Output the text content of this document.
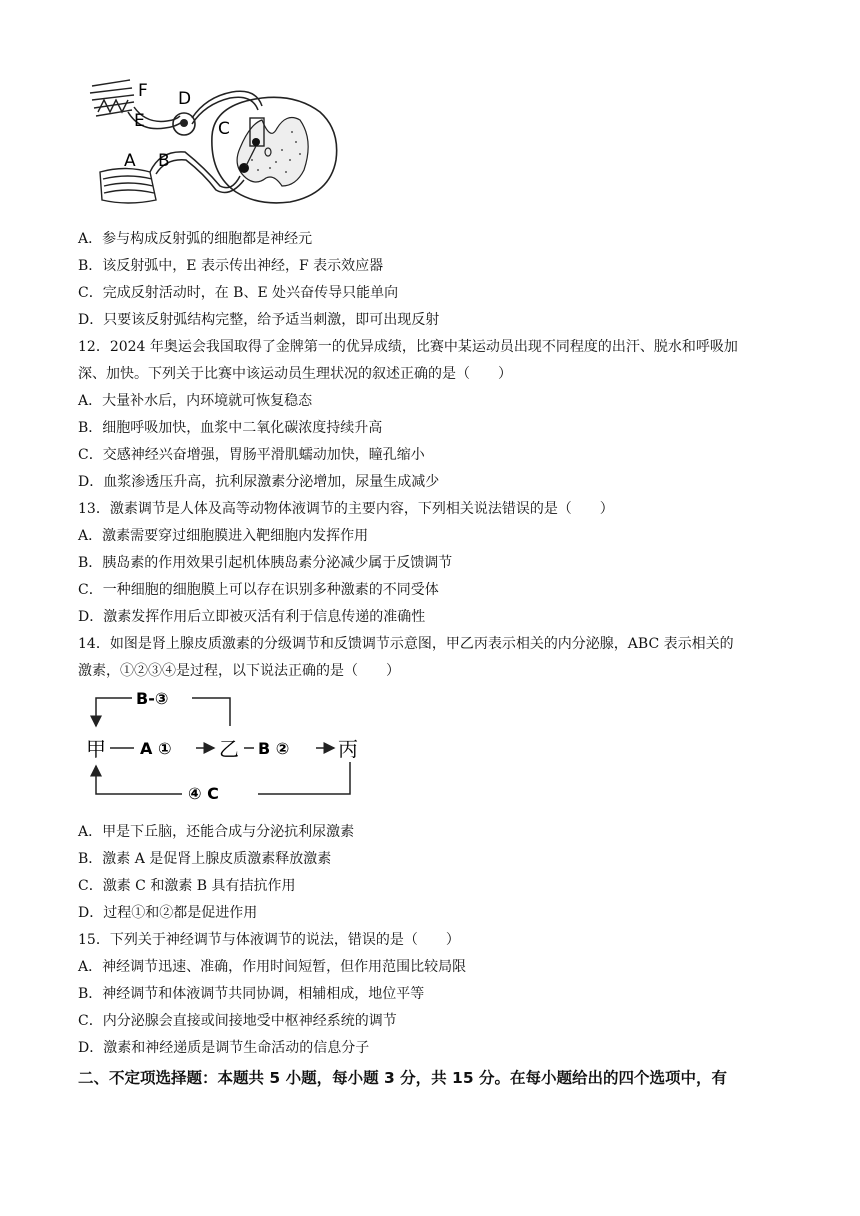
F D
E	C
A B
A．参与构成反射弧的细胞都是神经元
B．该反射弧中，E 表示传出神经，F 表示效应器
C．完成反射活动时，在 B、E 处兴奋传导只能单向
D．只要该反射弧结构完整，给予适当刺激，即可出现反射
12．2024 年奥运会我国取得了金牌第一的优异成绩，比赛中某运动员出现不同程度的出汗、脱水和呼吸加
深、加快。下列关于比赛中该运动员生理状况的叙述正确的是（　　）
A．大量补水后，内环境就可恢复稳态
B．细胞呼吸加快，血浆中二氧化碳浓度持续升高
C．交感神经兴奋增强，胃肠平滑肌蠕动加快，瞳孔缩小
D．血浆渗透压升高，抗利尿激素分泌增加，尿量生成减少
13．激素调节是人体及高等动物体液调节的主要内容，下列相关说法错误的是（　　）
A．激素需要穿过细胞膜进入靶细胞内发挥作用
B．胰岛素的作用效果引起机体胰岛素分泌减少属于反馈调节
C．一种细胞的细胞膜上可以存在识别多种激素的不同受体
D．激素发挥作用后立即被灭活有利于信息传递的准确性
14．如图是肾上腺皮质激素的分级调节和反馈调节示意图，甲乙丙表示相关的内分泌腺，ABC 表示相关的
激素，①②③④是过程，以下说法正确的是（　　）
B-③
甲	乙	丙
A ①	B ②
④ C
A．甲是下丘脑，还能合成与分泌抗利尿激素
B．激素 A 是促肾上腺皮质激素释放激素
C．激素 C 和激素 B 具有拮抗作用
D．过程①和②都是促进作用
15．下列关于神经调节与体液调节的说法，错误的是（　　）
A．神经调节迅速、准确，作用时间短暂，但作用范围比较局限
B．神经调节和体液调节共同协调，相辅相成，地位平等
C．内分泌腺会直接或间接地受中枢神经系统的调节
D．激素和神经递质是调节生命活动的信息分子
二、不定项选择题：本题共 5 小题，每小题 3 分，共 15 分。在每小题给出的四个选项中，有
